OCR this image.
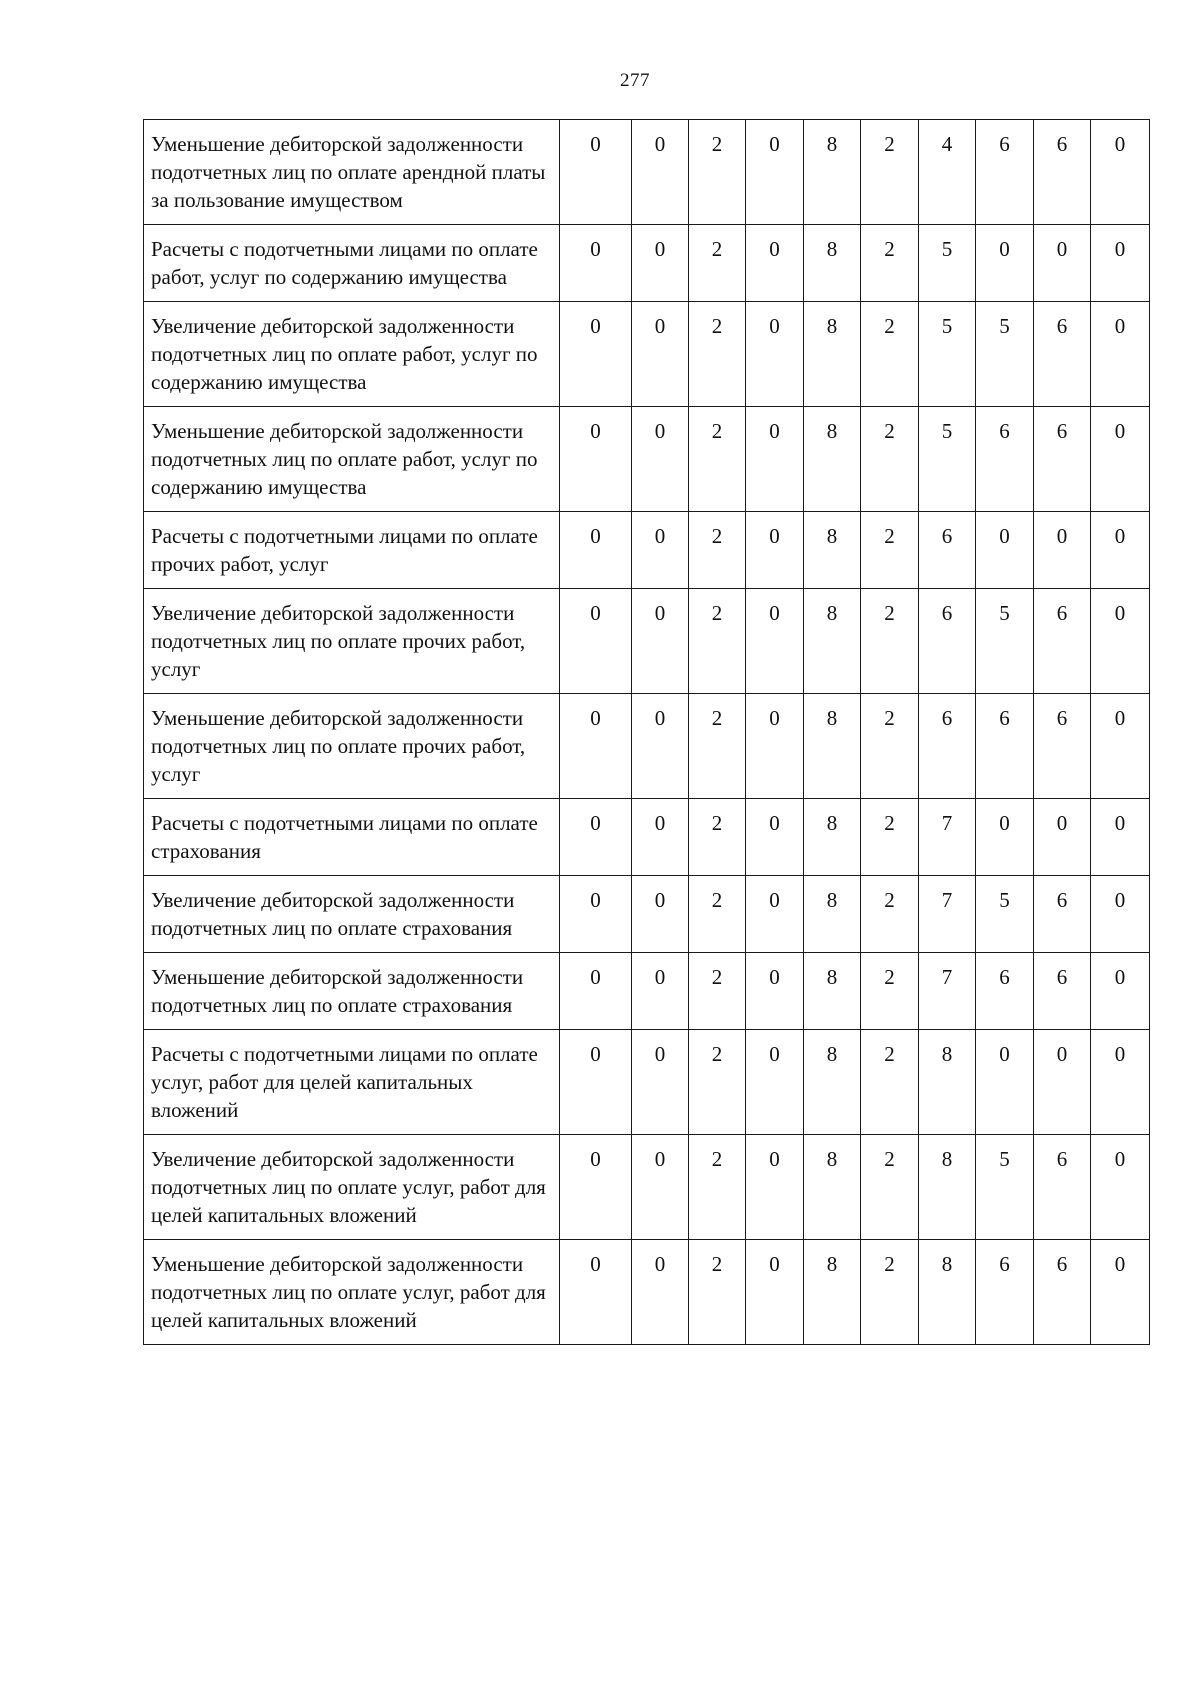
277
Уменьшение дебиторской задолженности подотчетных лиц по оплате арендной платы за пользование имуществом	0	0	2	0	8	2	4	6	6	0
Расчеты с подотчетными лицами по оплате работ, услуг по содержанию имущества	0	0	2	0	8	2	5	0	0	0
Увеличение дебиторской задолженности подотчетных лиц по оплате работ, услуг по содержанию имущества	0	0	2	0	8	2	5	5	6	0
Уменьшение дебиторской задолженности подотчетных лиц по оплате работ, услуг по содержанию имущества	0	0	2	0	8	2	5	6	6	0
Расчеты с подотчетными лицами по оплате прочих работ, услуг	0	0	2	0	8	2	6	0	0	0
Увеличение дебиторской задолженности подотчетных лиц по оплате прочих работ, услуг	0	0	2	0	8	2	6	5	6	0
Уменьшение дебиторской задолженности подотчетных лиц по оплате прочих работ, услуг	0	0	2	0	8	2	6	6	6	0
Расчеты с подотчетными лицами по оплате страхования	0	0	2	0	8	2	7	0	0	0
Увеличение дебиторской задолженности подотчетных лиц по оплате страхования	0	0	2	0	8	2	7	5	6	0
Уменьшение дебиторской задолженности подотчетных лиц по оплате страхования	0	0	2	0	8	2	7	6	6	0
Расчеты с подотчетными лицами по оплате услуг, работ для целей капитальных вложений	0	0	2	0	8	2	8	0	0	0
Увеличение дебиторской задолженности подотчетных лиц по оплате услуг, работ для целей капитальных вложений	0	0	2	0	8	2	8	5	6	0
Уменьшение дебиторской задолженности подотчетных лиц по оплате услуг, работ для целей капитальных вложений	0	0	2	0	8	2	8	6	6	0
